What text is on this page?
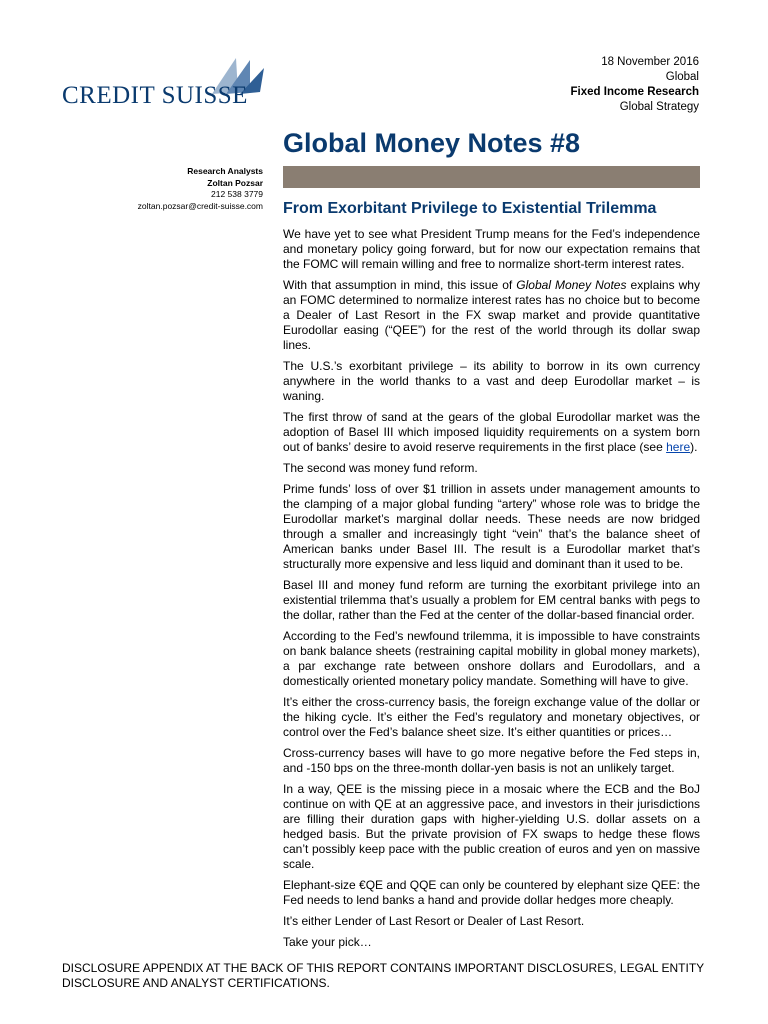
CREDIT SUISSE
18 November 2016
Global
Fixed Income Research
Global Strategy
Global Money Notes #8
Research Analysts
Zoltan Pozsar
212 538 3779
zoltan.pozsar@credit-suisse.com From Exorbitant Privilege to Existential Trilemma

We have yet to see what President Trump means for the Fed’s independence and monetary policy going forward, but for now our expectation remains that the FOMC will remain willing and free to normalize short-term interest rates.

With that assumption in mind, this issue of Global Money Notes explains why an FOMC determined to normalize interest rates has no choice but to become a Dealer of Last Resort in the FX swap market and provide quantitative Eurodollar easing (“QEE”) for the rest of the world through its dollar swap lines.

The U.S.’s exorbitant privilege – its ability to borrow in its own currency anywhere in the world thanks to a vast and deep Eurodollar market – is waning.

The first throw of sand at the gears of the global Eurodollar market was the adoption of Basel III which imposed liquidity requirements on a system born out of banks’ desire to avoid reserve requirements in the first place (see here).

The second was money fund reform.

Prime funds’ loss of over $1 trillion in assets under management amounts to the clamping of a major global funding “artery” whose role was to bridge the Eurodollar market’s marginal dollar needs. These needs are now bridged through a smaller and increasingly tight “vein” that’s the balance sheet of American banks under Basel III. The result is a Eurodollar market that’s structurally more expensive and less liquid and dominant than it used to be.

Basel III and money fund reform are turning the exorbitant privilege into an existential trilemma that’s usually a problem for EM central banks with pegs to the dollar, rather than the Fed at the center of the dollar-based financial order.

According to the Fed’s newfound trilemma, it is impossible to have constraints on bank balance sheets (restraining capital mobility in global money markets), a par exchange rate between onshore dollars and Eurodollars, and a domestically oriented monetary policy mandate. Something will have to give.

It’s either the cross-currency basis, the foreign exchange value of the dollar or the hiking cycle. It’s either the Fed’s regulatory and monetary objectives, or control over the Fed’s balance sheet size. It’s either quantities or prices…

Cross-currency bases will have to go more negative before the Fed steps in, and -150 bps on the three-month dollar-yen basis is not an unlikely target.

In a way, QEE is the missing piece in a mosaic where the ECB and the BoJ continue on with QE at an aggressive pace, and investors in their jurisdictions are filling their duration gaps with higher-yielding U.S. dollar assets on a hedged basis. But the private provision of FX swaps to hedge these flows can’t possibly keep pace with the public creation of euros and yen on massive scale.

Elephant-size €QE and QQE can only be countered by elephant size QEE: the Fed needs to lend banks a hand and provide dollar hedges more cheaply.

It’s either Lender of Last Resort or Dealer of Last Resort.

Take your pick…

DISCLOSURE APPENDIX AT THE BACK OF THIS REPORT CONTAINS IMPORTANT DISCLOSURES, LEGAL ENTITY DISCLOSURE AND ANALYST CERTIFICATIONS.
